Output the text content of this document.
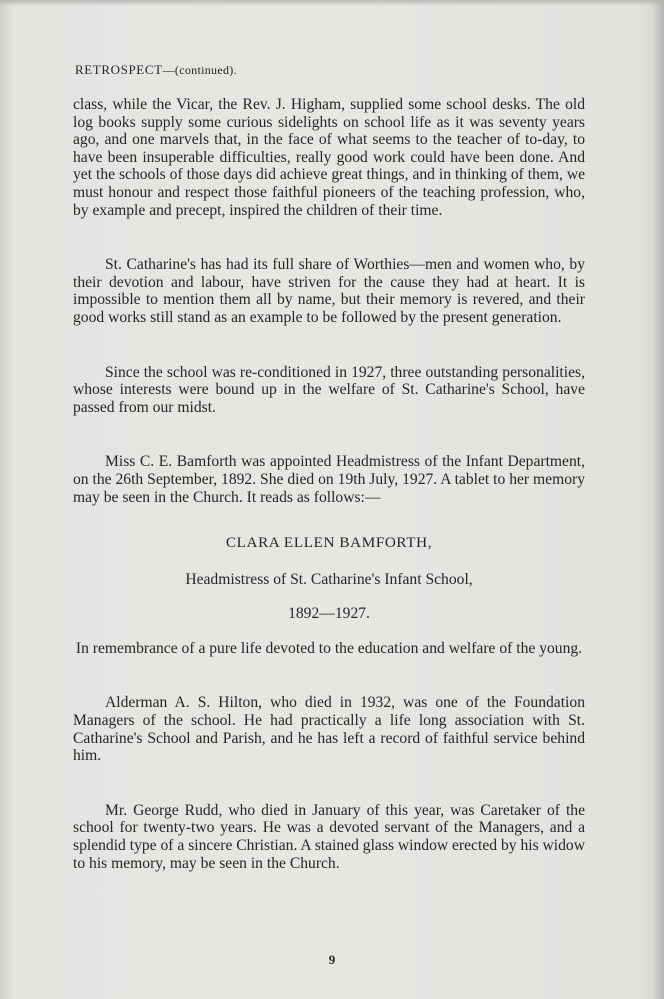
RETROSPECT—(continued).

class, while the Vicar, the Rev. J. Higham, supplied some school desks. The old log books supply some curious sidelights on school life as it was seventy years ago, and one marvels that, in the face of what seems to the teacher of to-day, to have been insuperable difficulties, really good work could have been done. And yet the schools of those days did achieve great things, and in thinking of them, we must honour and respect those faithful pioneers of the teaching profession, who, by example and precept, inspired the children of their time.

St. Catharine's has had its full share of Worthies—men and women who, by their devotion and labour, have striven for the cause they had at heart. It is impossible to mention them all by name, but their memory is revered, and their good works still stand as an example to be followed by the present generation.

Since the school was re-conditioned in 1927, three outstanding personalities, whose interests were bound up in the welfare of St. Catharine's School, have passed from our midst.

Miss C. E. Bamforth was appointed Headmistress of the Infant Department, on the 26th September, 1892. She died on 19th July, 1927. A tablet to her memory may be seen in the Church. It reads as follows:—

CLARA ELLEN BAMFORTH,

Headmistress of St. Catharine's Infant School,

1892—1927.

In remembrance of a pure life devoted to the education and welfare of the young.

Alderman A. S. Hilton, who died in 1932, was one of the Foundation Managers of the school. He had practically a life long association with St. Catharine's School and Parish, and he has left a record of faithful service behind him.

Mr. George Rudd, who died in January of this year, was Caretaker of the school for twenty-two years. He was a devoted servant of the Managers, and a splendid type of a sincere Christian. A stained glass window erected by his widow to his memory, may be seen in the Church.

9
